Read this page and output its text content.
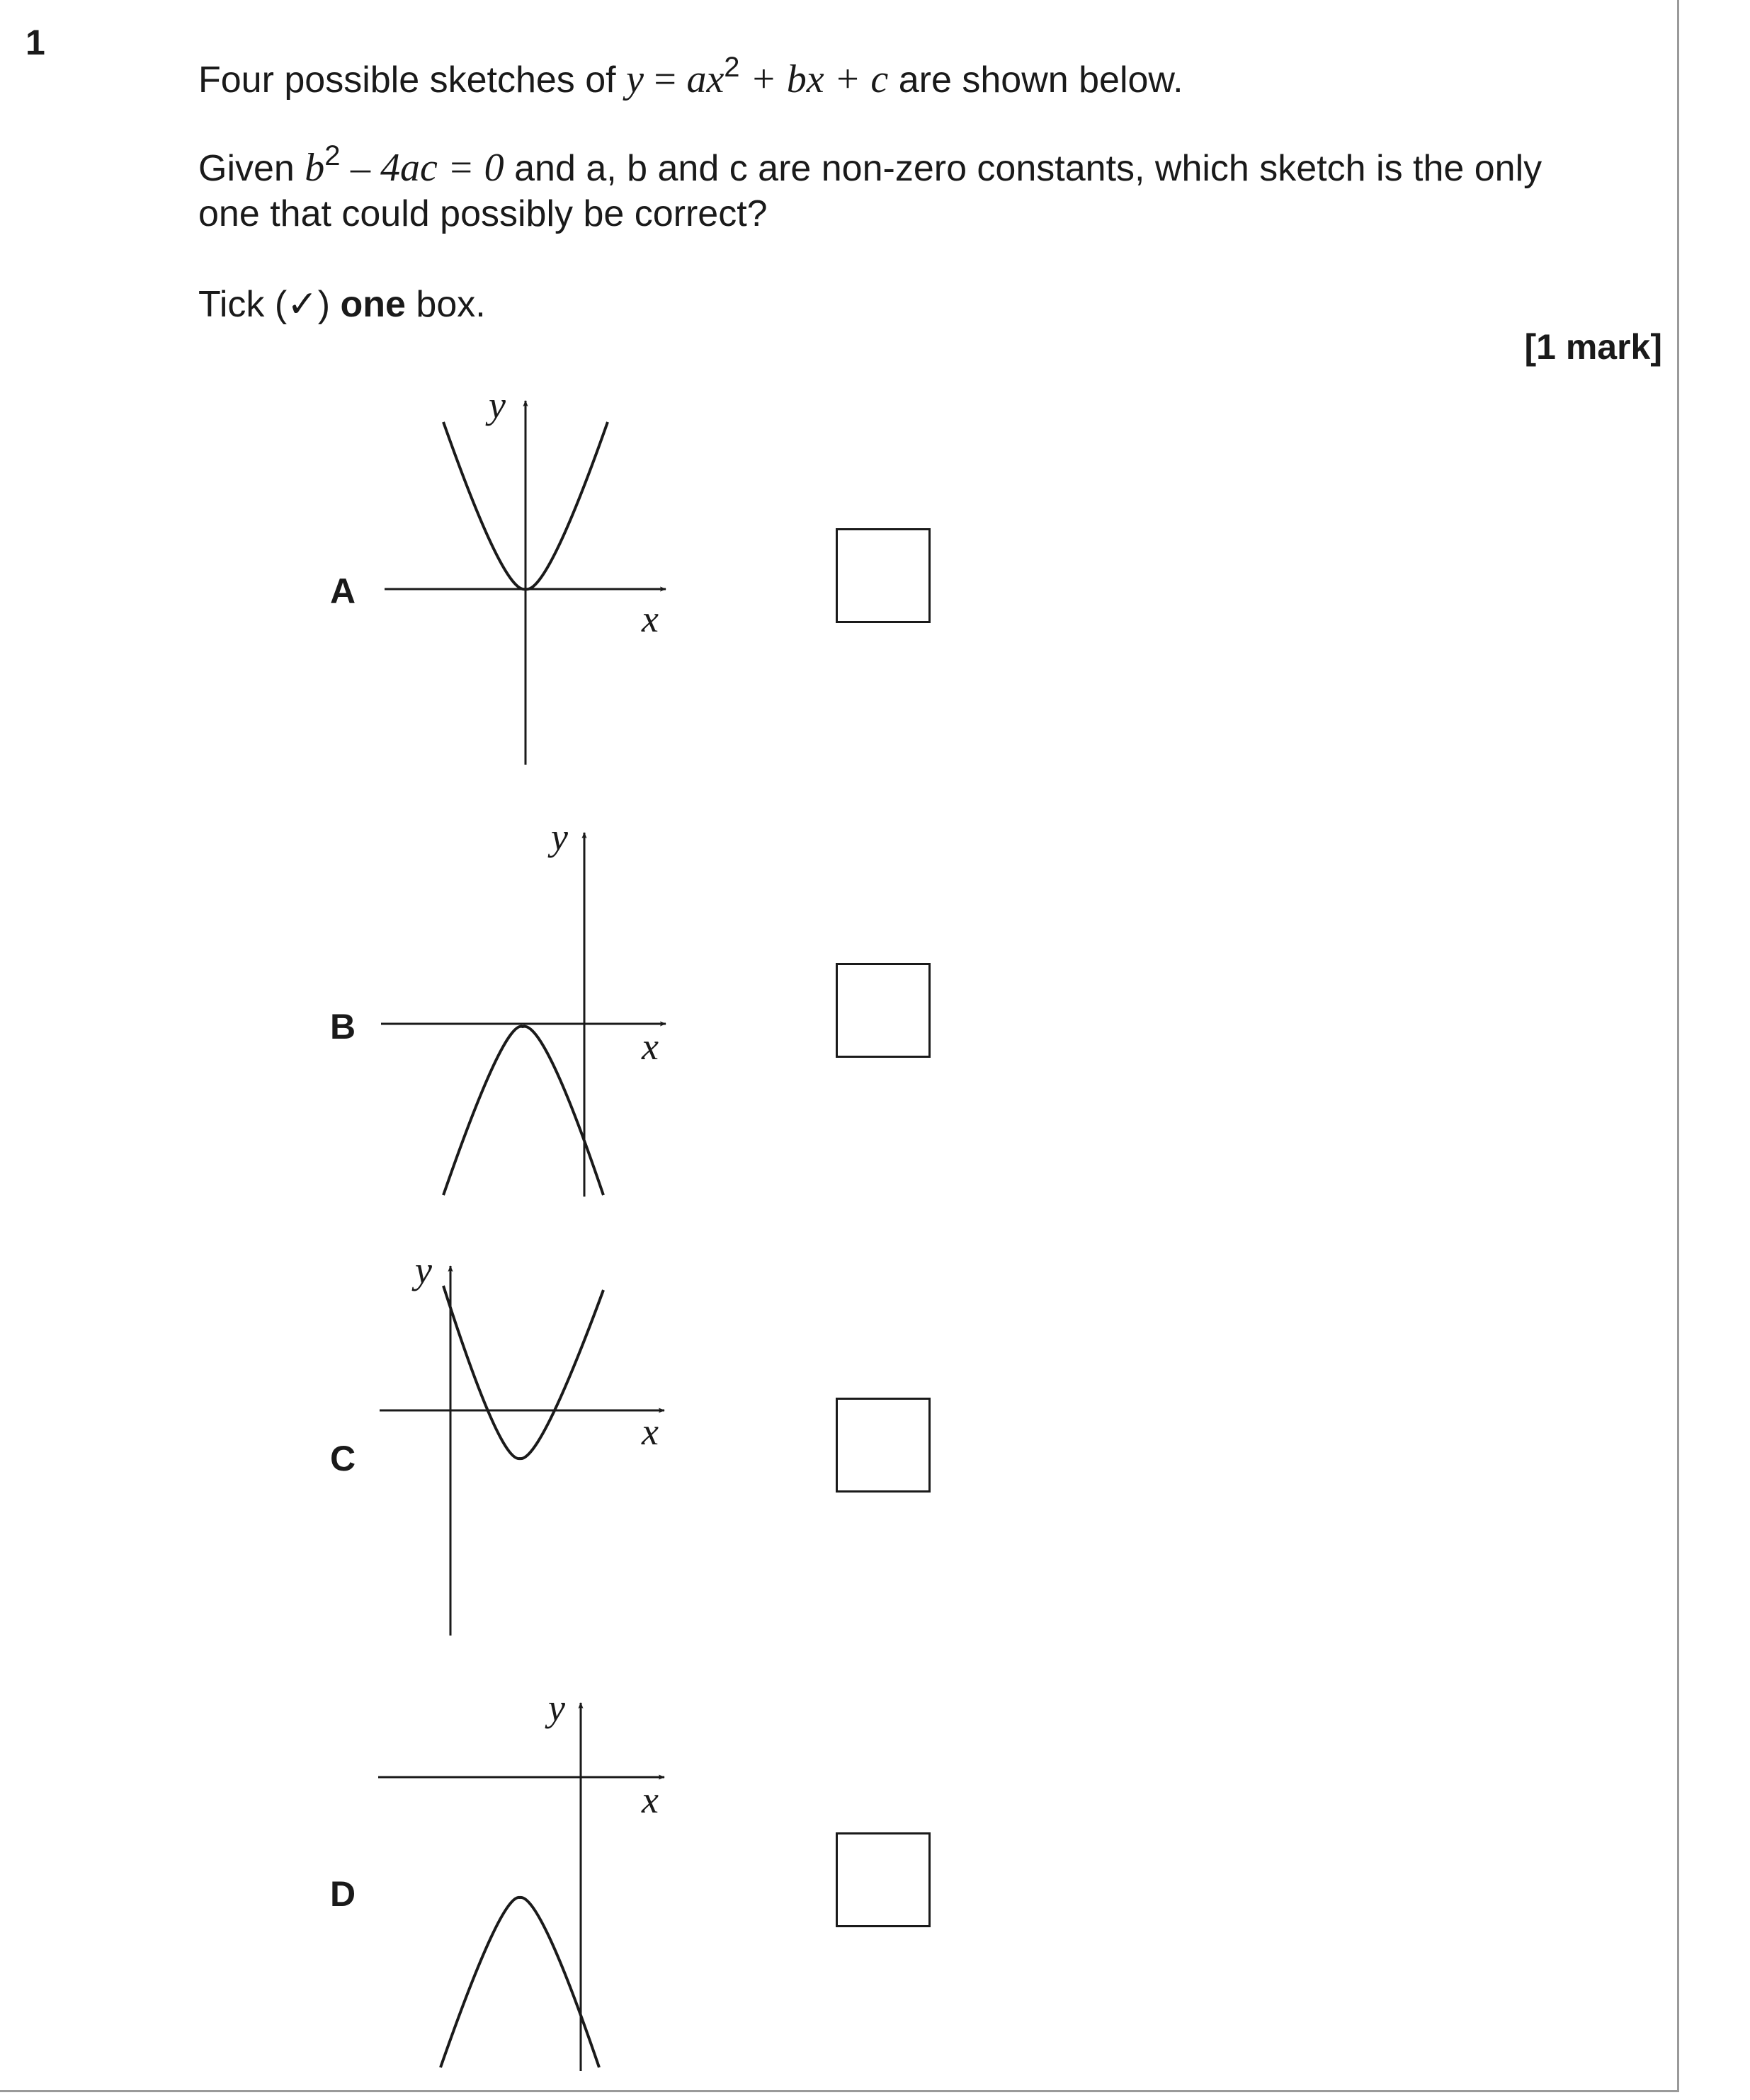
1
Four possible sketches of $y = ax^2$ + bx + c are shown below.
Given $b^2 - 4ac = 0$ and a, b and c are non-zero constants, which sketch is the only
one that could possibly be correct?
Tick (✓) one box.
[1 mark]
A
B
C
D
x
y
x
y
x
y
x
y
